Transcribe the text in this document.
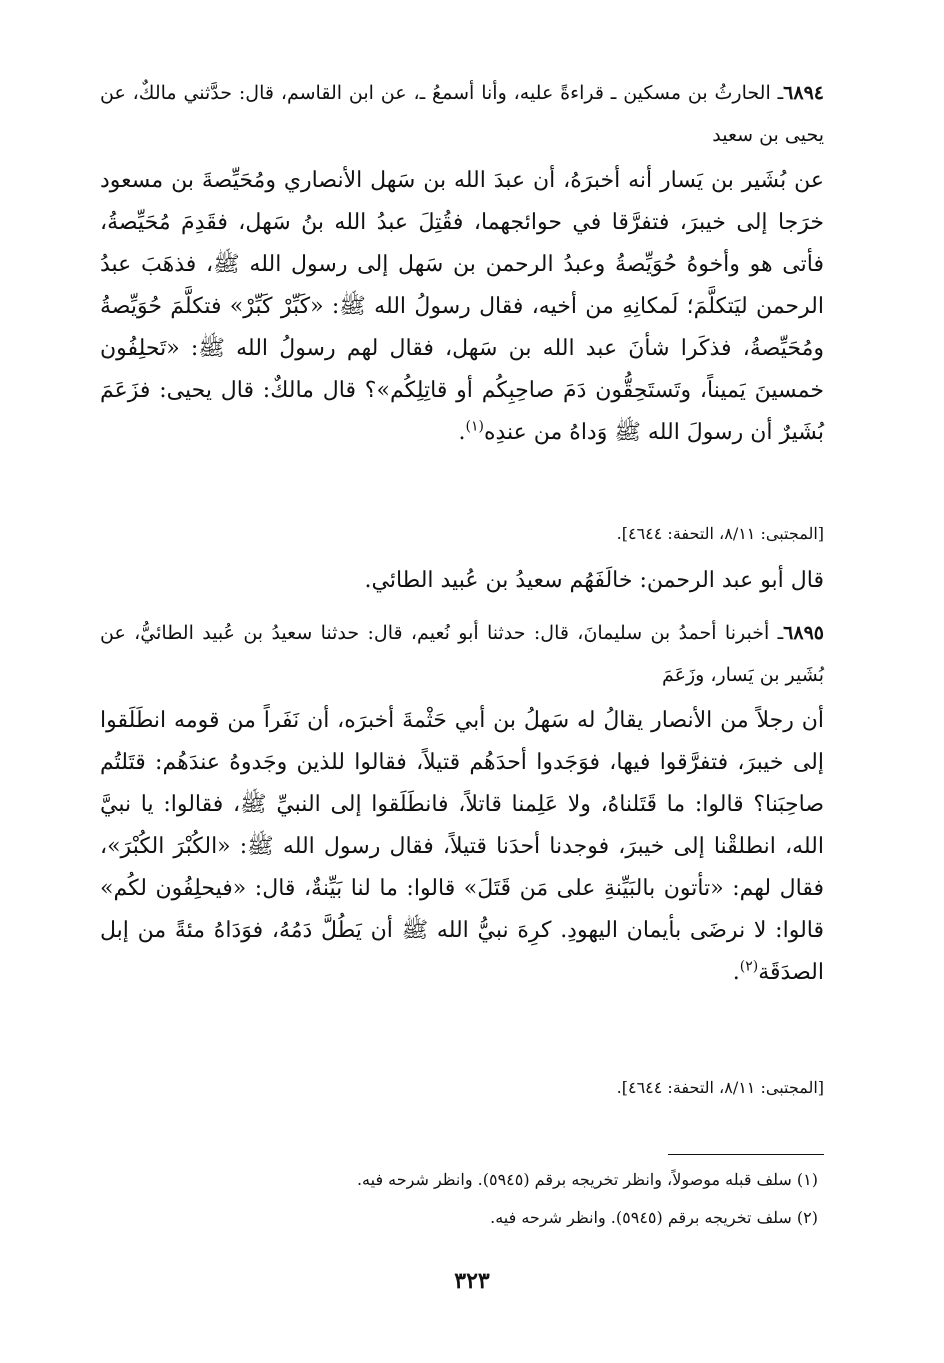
٦٨٩٤ـ الحارثُ بن مسكين ـ قراءةً عليه، وأنا أسمعُ ـ، عن ابن القاسم، قال: حدَّثني مالكٌ، عن يحيى بن سعيد
عن بُشَير بن يَسار أنه أخبرَهُ، أن عبدَ الله بن سَهل الأنصاري ومُحَيِّصةَ بن مسعود خرَجا إلى خيبرَ، فتفرَّقا في حوائجهما، فقُتِلَ عبدُ الله بنُ سَهل، فقَدِمَ مُحَيِّصةُ، فأتى هو وأخوهُ حُوَيِّصةُ وعبدُ الرحمن بن سَهل إلى رسول الله ﷺ، فذهَبَ عبدُ الرحمن ليَتكلَّمَ؛ لَمكانِهِ من أخيه، فقال رسولُ الله ﷺ: «كَبِّرْ كَبِّرْ» فتكلَّمَ حُوَيِّصةُ ومُحَيِّصةُ، فذكَرا شأنَ عبد الله بن سَهل، فقال لهم رسولُ الله ﷺ: «تَحلِفُون خمسينَ يَميناً، وتَستَحِقُّون دَمَ صاحِبِكُم أو قاتِلِكُم»؟ قال مالكٌ: قال يحيى: فزَعَمَ بُشَيرٌ أن رسولَ الله ﷺ وَداهُ من عندِه$^{(١)}$.
[المجتبى: ٨/١١، التحفة: ٤٦٤٤].
قال أبو عبد الرحمن: خالَفَهُم سعيدُ بن عُبيد الطائي.
٦٨٩٥ـ أخبرنا أحمدُ بن سليمانَ، قال: حدثنا أبو نُعيم، قال: حدثنا سعيدُ بن عُبيد الطائيُّ، عن بُشَير بن يَسار، وزَعَمَ
أن رجلاً من الأنصار يقالُ له سَهلُ بن أبي حَثْمةَ أخبرَه، أن نَفَراً من قومه انطَلَقوا إلى خيبرَ، فتفرَّقوا فيها، فوَجَدوا أحدَهُم قتيلاً، فقالوا للذين وجَدوهُ عندَهُم: قتَلتُم صاحِبَنا؟ قالوا: ما قَتَلناهُ، ولا عَلِمنا قاتلاً، فانطَلَقوا إلى النبيِّ ﷺ، فقالوا: يا نبيَّ الله، انطلقْنا إلى خيبرَ، فوجدنا أحدَنا قتيلاً، فقال رسول الله ﷺ: «الكُبْرَ الكُبْرَ»، فقال لهم: «تأتون بالبَيِّنةِ على مَن قَتَلَ» قالوا: ما لنا بَيِّنةٌ، قال: «فيحلِفُون لكُم» قالوا: لا نرضَى بأيمان اليهودِ. كرِهَ نبيُّ الله ﷺ أن يَطُلَّ دَمُهُ، فوَدَاهُ مئةً من إبل الصدَقَة$^{(٢)}$.
[المجتبى: ٨/١١، التحفة: ٤٦٤٤].
(١) سلف قبله موصولاً، وانظر تخريجه برقم (٥٩٤٥). وانظر شرحه فيه.
(٢) سلف تخريجه برقم (٥٩٤٥). وانظر شرحه فيه.
٣٢٣
